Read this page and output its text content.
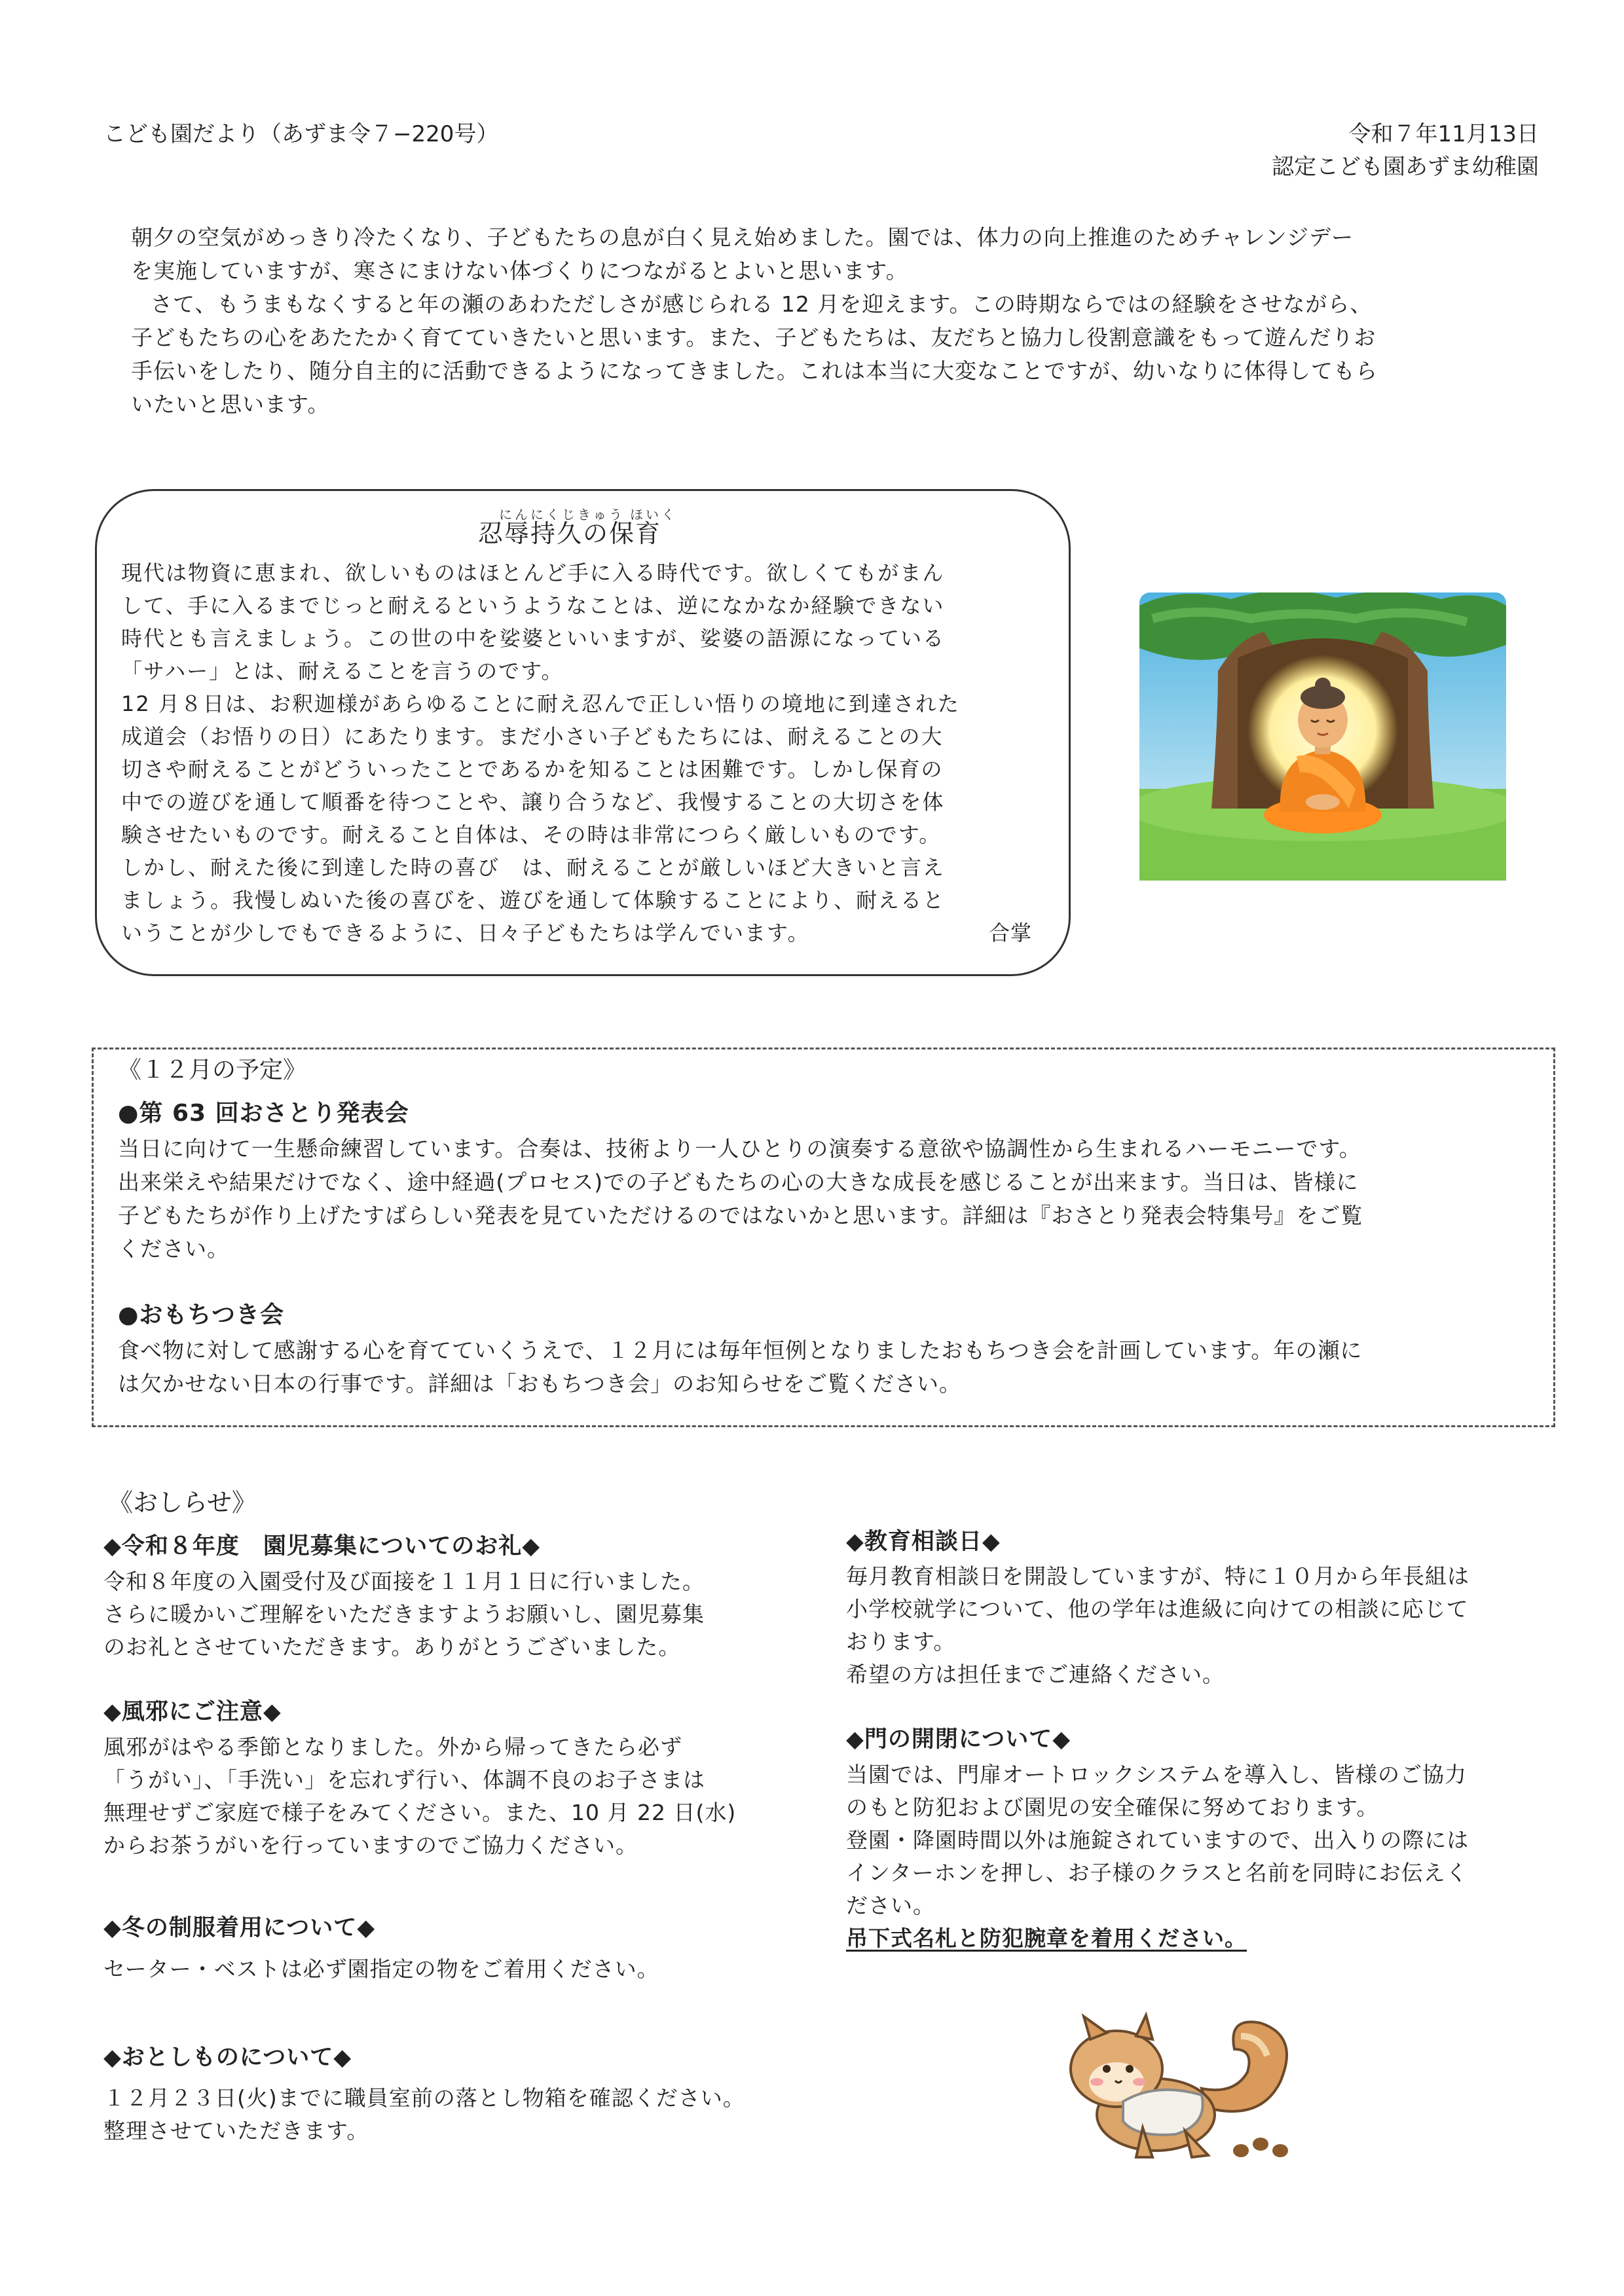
こども園だより（あずま令７−220号）	令和７年11月13日
認定こども園あずま幼稚園
朝夕の空気がめっきり冷たくなり、子どもたちの息が白く見え始めました。園では、体力の向上推進のためチャレンジデー
を実施していますが、寒さにまけない体づくりにつながるとよいと思います。
さて、もうまもなくすると年の瀬のあわただしさが感じられる 12 月を迎えます。この時期ならではの経験をさせながら、
子どもたちの心をあたたかく育てていきたいと思います。また、子どもたちは、友だちと協力し役割意識をもって遊んだりお
手伝いをしたり、随分自主的に活動できるようになってきました。これは本当に大変なことですが、幼いなりに体得してもら
いたいと思います。
にんにくじきゅう ほいく
忍辱持久の保育
現代は物資に恵まれ、欲しいものはほとんど手に入る時代です。欲しくてもがまん
して、手に入るまでじっと耐えるというようなことは、逆になかなか経験できない
時代とも言えましょう。この世の中を娑婆といいますが、娑婆の語源になっている
「サハー」とは、耐えることを言うのです。
12 月８日は、お釈迦様があらゆることに耐え忍んで正しい悟りの境地に到達された
成道会（お悟りの日）にあたります。まだ小さい子どもたちには、耐えることの大
切さや耐えることがどういったことであるかを知ることは困難です。しかし保育の
中での遊びを通して順番を待つことや、譲り合うなど、我慢することの大切さを体
験させたいものです。耐えること自体は、その時は非常につらく厳しいものです。
しかし、耐えた後に到達した時の喜び　は、耐えることが厳しいほど大きいと言え
ましょう。我慢しぬいた後の喜びを、遊びを通して体験することにより、耐えると
いうことが少しでもできるように、日々子どもたちは学んでいます。	合掌
《１２月の予定》
●第 63 回おさとり発表会
当日に向けて一生懸命練習しています。合奏は、技術より一人ひとりの演奏する意欲や協調性から生まれるハーモニーです。
出来栄えや結果だけでなく、途中経過(プロセス)での子どもたちの心の大きな成長を感じることが出来ます。当日は、皆様に
子どもたちが作り上げたすばらしい発表を見ていただけるのではないかと思います。詳細は『おさとり発表会特集号』をご覧
ください。
●おもちつき会
食べ物に対して感謝する心を育てていくうえで、１２月には毎年恒例となりましたおもちつき会を計画しています。年の瀬に
は欠かせない日本の行事です。詳細は「おもちつき会」のお知らせをご覧ください。
《おしらせ》
◆令和８年度　園児募集についてのお礼◆
令和８年度の入園受付及び面接を１１月１日に行いました。
さらに暖かいご理解をいただきますようお願いし、園児募集
のお礼とさせていただきます。ありがとうございました。
◆風邪にご注意◆
風邪がはやる季節となりました。外から帰ってきたら必ず
「うがい」、「手洗い」を忘れず行い、体調不良のお子さまは
無理せずご家庭で様子をみてください。また、10 月 22 日(水)
からお茶うがいを行っていますのでご協力ください。
◆冬の制服着用について◆
セーター・ベストは必ず園指定の物をご着用ください。
◆おとしものについて◆
１２月２３日(火)までに職員室前の落とし物箱を確認ください。
整理させていただきます。
◆教育相談日◆
毎月教育相談日を開設していますが、特に１０月から年長組は
小学校就学について、他の学年は進級に向けての相談に応じて
おります。
希望の方は担任までご連絡ください。
◆門の開閉について◆
当園では、門扉オートロックシステムを導入し、皆様のご協力
のもと防犯および園児の安全確保に努めております。
登園・降園時間以外は施錠されていますので、出入りの際には
インターホンを押し、お子様のクラスと名前を同時にお伝えく
ださい。
吊下式名札と防犯腕章を着用ください。
